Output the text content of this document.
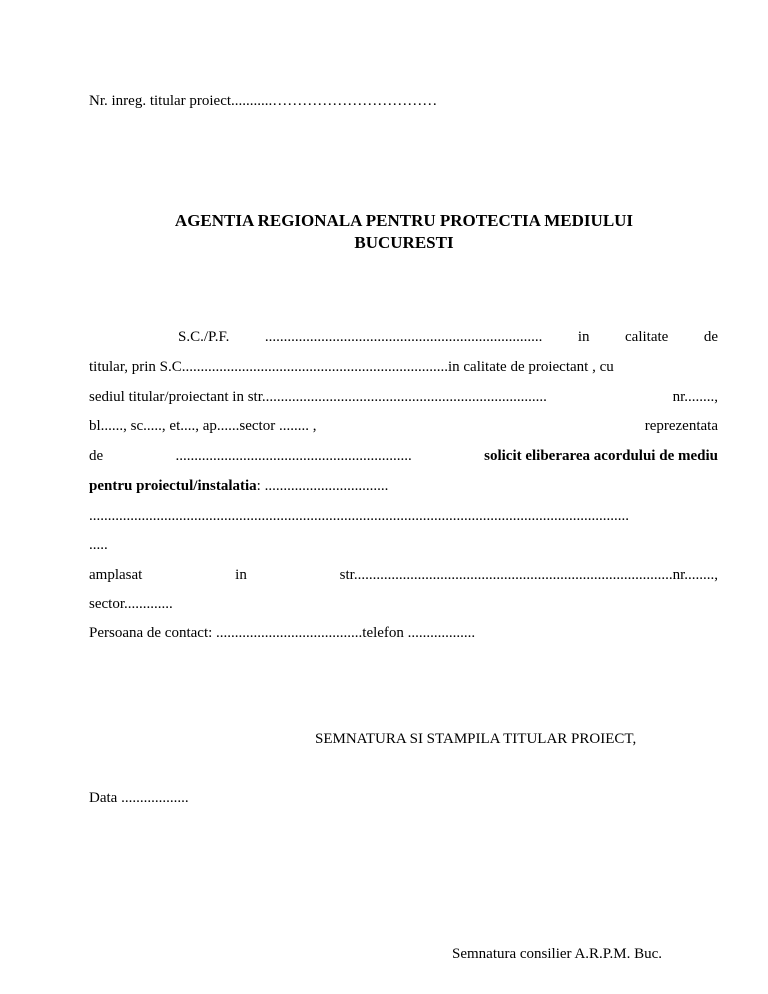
Nr. inreg. titular proiect...........……………………………
AGENTIA REGIONALA PENTRU PROTECTIA MEDIULUI
BUCURESTI
S.C./P.F. .......................................................................... in calitate de
titular, prin S.C.......................................................................in calitate de proiectant , cu
sediul titular/proiectant in str............................................................................	nr........,
bl......, sc....., et...., ap......sector ........ ,	reprezentata
de	...............................................................	solicit eliberarea acordului de mediu
pentru proiectul/instalatia: .................................
................................................................................................................................................
.....
amplasat	in	str.....................................................................................nr........,
sector.............
Persoana de contact: .......................................telefon ..................
SEMNATURA SI STAMPILA TITULAR PROIECT,
Data ..................
Semnatura consilier A.R.P.M. Buc.
